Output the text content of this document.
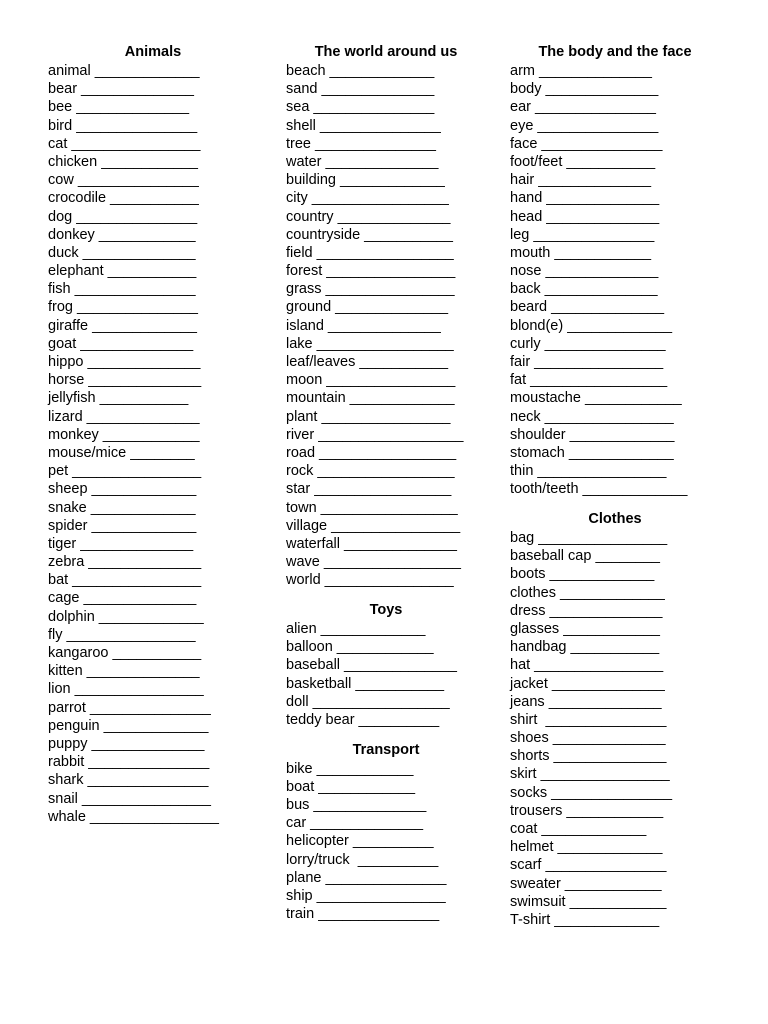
Animals
animal _____________
bear ______________
bee ______________
bird _______________
cat ________________
chicken ____________
cow _______________
crocodile ___________
dog _______________
donkey ____________
duck ______________
elephant ___________
fish _______________
frog _______________
giraffe _____________
goat ______________
hippo ______________
horse ______________
jellyfish ___________
lizard ______________
monkey ____________
mouse/mice ________
pet ________________
sheep _____________
snake _____________
spider _____________
tiger ______________
zebra ______________
bat ________________
cage ______________
dolphin _____________
fly ________________
kangaroo ___________
kitten ______________
lion ________________
parrot _______________
penguin _____________
puppy ______________
rabbit _______________
shark _______________
snail ________________
whale ________________
The world around us
beach _____________
sand ______________
sea _______________
shell _______________
tree _______________
water ______________
building _____________
city _________________
country ______________
countryside ___________
field _________________
forest ________________
grass ________________
ground ______________
island ______________
lake _________________
leaf/leaves ___________
moon ________________
mountain _____________
plant ________________
river __________________
road _________________
rock _________________
star _________________
town _________________
village ________________
waterfall ______________
wave _________________
world ________________
Toys
alien _____________
balloon ____________
baseball ______________
basketball ___________
doll _________________
teddy bear __________
Transport
bike ____________
boat ____________
bus ______________
car ______________
helicopter __________
lorry/truck  __________
plane _______________
ship ________________
train _______________
The body and the face
arm ______________
body ______________
ear _______________
eye _______________
face _______________
foot/feet ___________
hair ______________
hand ______________
head ______________
leg _______________
mouth ____________
nose ______________
back ______________
beard ______________
blond(e) _____________
curly _______________
fair ________________
fat _________________
moustache ____________
neck ________________
shoulder _____________
stomach _____________
thin ________________
tooth/teeth _____________
Clothes
bag ________________
baseball cap ________
boots _____________
clothes _____________
dress ______________
glasses ____________
handbag ___________
hat ________________
jacket ______________
jeans ______________
shirt  _______________
shoes ______________
shorts ______________
skirt ________________
socks _______________
trousers ____________
coat _____________
helmet _____________
scarf _______________
sweater ____________
swimsuit ____________
T-shirt _____________
